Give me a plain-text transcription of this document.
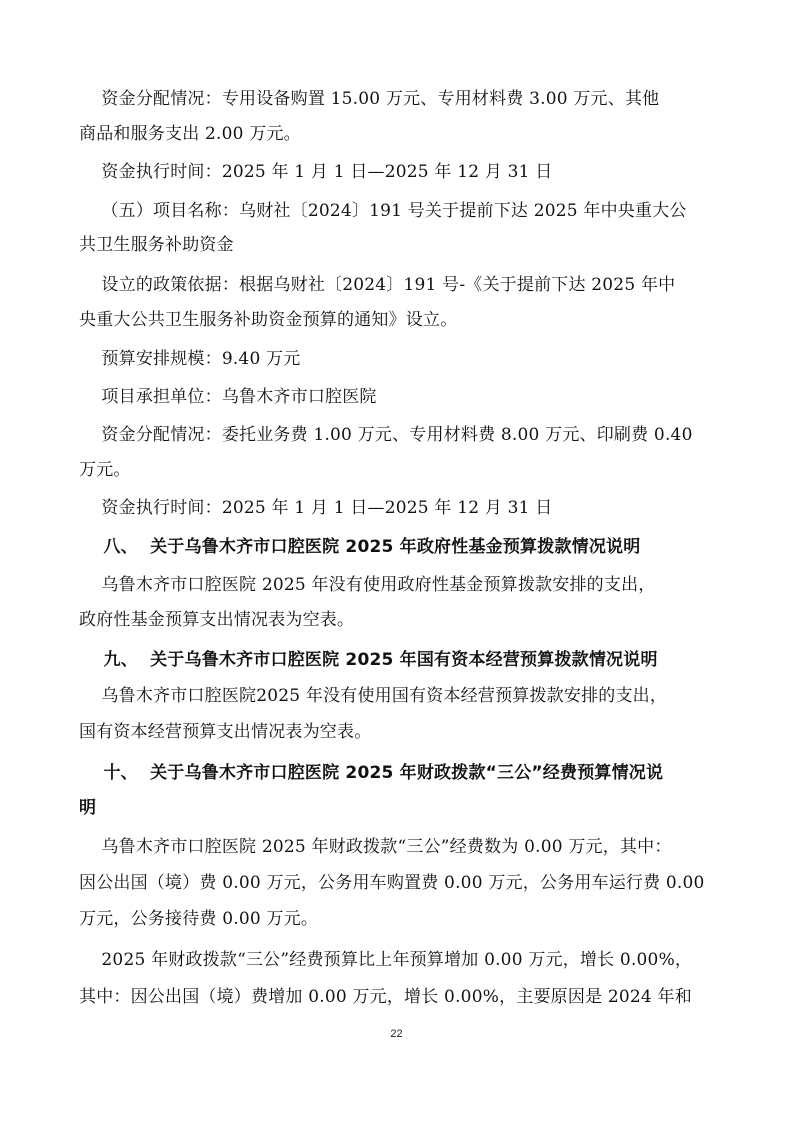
资金分配情况：专用设备购置 15.00 万元、专用材料费 3.00 万元、其他
商品和服务支出 2.00 万元。
资金执行时间：2025 年 1 月 1 日—2025 年 12 月 31 日
（五）项目名称：乌财社〔2024〕191 号关于提前下达 2025 年中央重大公
共卫生服务补助资金
设立的政策依据：根据乌财社〔2024〕191 号-《关于提前下达 2025 年中
央重大公共卫生服务补助资金预算的通知》设立。
预算安排规模：9.40 万元
项目承担单位：乌鲁木齐市口腔医院
资金分配情况：委托业务费 1.00 万元、专用材料费 8.00 万元、印刷费 0.40
万元。
资金执行时间：2025 年 1 月 1 日—2025 年 12 月 31 日
八、  关于乌鲁木齐市口腔医院 2025 年政府性基金预算拨款情况说明
乌鲁木齐市口腔医院 2025 年没有使用政府性基金预算拨款安排的支出，
政府性基金预算支出情况表为空表。
九、  关于乌鲁木齐市口腔医院 2025 年国有资本经营预算拨款情况说明
乌鲁木齐市口腔医院2025 年没有使用国有资本经营预算拨款安排的支出，
国有资本经营预算支出情况表为空表。
十、  关于乌鲁木齐市口腔医院 2025 年财政拨款“三公”经费预算情况说
明
乌鲁木齐市口腔医院 2025 年财政拨款“三公”经费数为 0.00 万元，其中：
因公出国（境）费 0.00 万元，公务用车购置费 0.00 万元，公务用车运行费 0.00
万元，公务接待费 0.00 万元。
2025 年财政拨款“三公”经费预算比上年预算增加 0.00 万元，增长 0.00%，
其中：因公出国（境）费增加 0.00 万元，增长 0.00%，主要原因是 2024 年和
22
